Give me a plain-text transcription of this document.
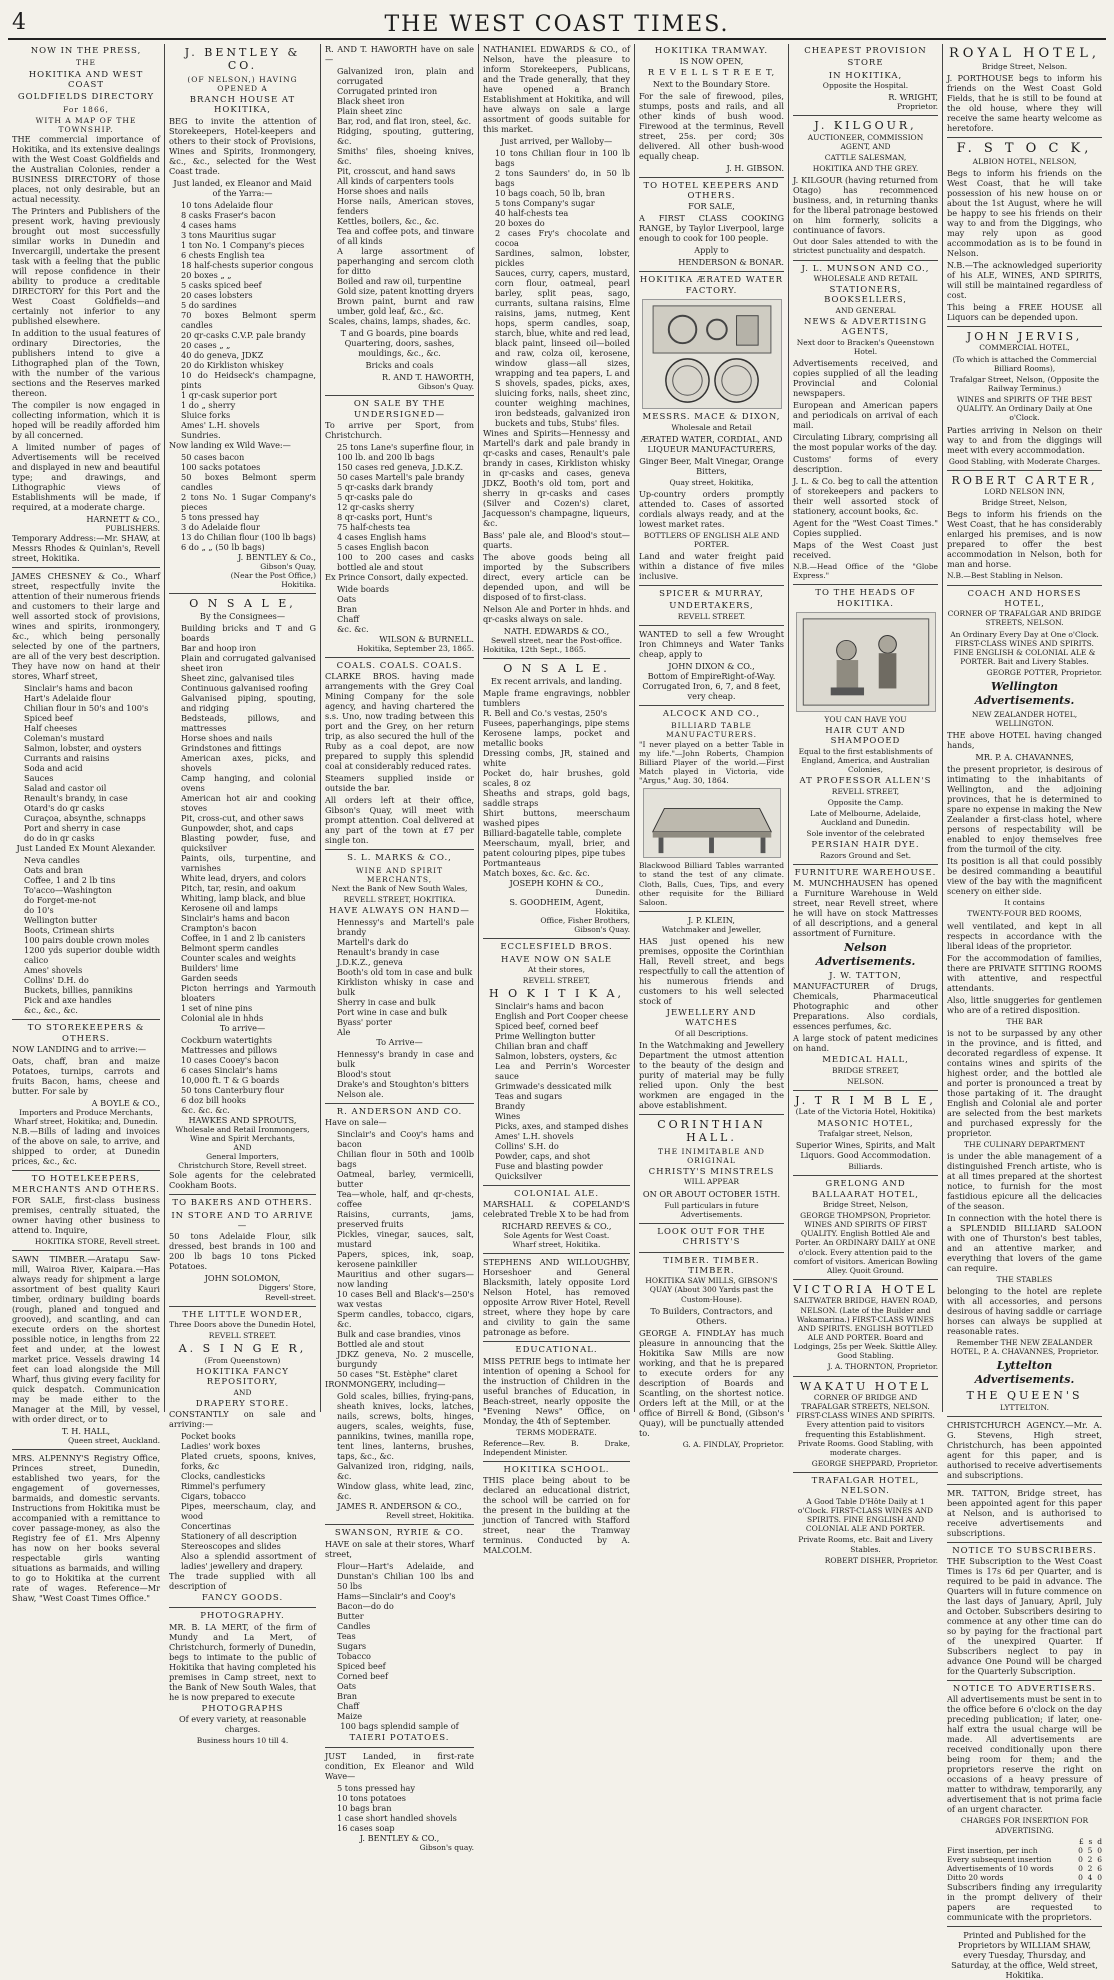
4	THE WEST COAST TIMES.
NOW IN THE PRESS,
THE
HOKITIKA AND WEST COAST
GOLDFIELDS DIRECTORY
For 1866,
WITH A MAP OF THE TOWNSHIP.

THE commercial importance of Hokitika, and its extensive dealings with the West Coast Goldfields and the Australian Colonies, render a BUSINESS DIRECTORY of those places, not only desirable, but an actual necessity.

The Printers and Publishers of the present work, having previously brought out most successfully similar works in Dunedin and Invercargill, undertake the present task with a feeling that the public will repose confidence in their ability to produce a creditable DIRECTORY for this Port and the West Coast Goldfields—and certainly not inferior to any published elsewhere.

In addition to the usual features of ordinary Directories, the publishers intend to give a Lithographed plan of the Town, with the number of the various sections and the Reserves marked thereon.

The compiler is now engaged in collecting information, which it is hoped will be readily afforded him by all concerned.

A limited number of pages of Advertisements will be received and displayed in new and beautiful type; and drawings, and Lithographic views of Establishments will be made, if required, at a moderate charge.

HARNETT & CO.,
PUBLISHERS.

Temporary Address:—Mr. SHAW, at Messrs Rhodes & Quinlan's, Revell street, Hokitika.

JAMES CHESNEY & Co., Wharf street, respectfully invite the attention of their numerous friends and customers to their large and well assorted stock of provisions, wines and spirits, ironmongery, &c., which being personally selected by one of the partners, are all of the very best description. They have now on hand at their stores, Wharf street,

Sinclair's hams and bacon
Hart's Adelaide flour
Chilian flour in 50's and 100's
Spiced beef
Half cheeses
Coleman's mustard
Salmon, lobster, and oysters
Currants and raisins
Soda and acid
Sauces
Salad and castor oil
Renault's brandy, in case
Otard's do qr casks
Curaçoa, absynthe, schnapps
Port and sherry in case
do do in qr casks

Just Landed Ex Mount Alexander.

Neva candles
Oats and bran
Coffee, 1 and 2 lb tins
To'acco—Washington
do Forget-me-not
do 10's
Wellington butter
Boots, Crimean shirts
100 pairs double crown moles
1200 yds superior double width calico
Ames' shovels
Collins' D.H. do
Buckets, billies, pannikins
Pick and axe handles
&c., &c., &c.
TO STOREKEEPERS & OTHERS.

NOW LANDING and to arrive:—

Oats, chaff, bran and maize Potatoes, turnips, carrots and fruits Bacon, hams, cheese and butter. For sale by

A BOYLE & CO.,
Importers and Produce Merchants, Wharf street, Hokitika; and, Dunedin.

N.B.—Bills of lading and invoices of the above on sale, to arrive, and shipped to order, at Dunedin prices, &c., &c.

TO HOTELKEEPERS, MERCHANTS AND OTHERS.

FOR SALE, first-class business premises, centrally situated, the owner having other business to attend to. Inquire,

HOKITIKA STORE, Revell street.

SAWN TIMBER.—Aratapu Saw-mill, Wairoa River, Kaipara.—Has always ready for shipment a large assortment of best quality Kauri timber, ordinary building boards (rough, planed and tongued and grooved), and scantling, and can execute orders on the shortest possible notice, in lengths from 22 feet and under, at the lowest market price. Vessels drawing 14 feet can load alongside the Mill Wharf, thus giving every facility for quick despatch. Communication may be made either to the Manager at the Mill, by vessel, with order direct, or to

T. H. HALL,
Queen street, Auckland.

MRS. ALPENNY'S Registry Office, Princes street, Dunedin, established two years, for the engagement of governesses, barmaids, and domestic servants. Instructions from Hokitika must be accompanied with a remittance to cover passage-money, as also the Registry fee of £1. Mrs Alpenny has now on her books several respectable girls wanting situations as barmaids, and willing to go to Hokitika at the current rate of wages. Reference—Mr Shaw, "West Coast Times Office."

J. BENTLEY & CO.
(OF NELSON,) HAVING OPENED A
BRANCH HOUSE AT HOKITIKA,

BEG to invite the attention of Storekeepers, Hotel-keepers and others to their stock of Provisions, Wines and Spirits, Ironmongery, &c., &c., selected for the West Coast trade.

Just landed, ex Eleanor and Maid of the Yarra:—

10 tons Adelaide flour
8 casks Fraser's bacon
4 cases hams
3 tons Mauritius sugar
1 ton No. 1 Company's pieces
6 chests English tea
18 half-chests superior congous
20 boxes „ „
5 casks spiced beef
20 cases lobsters
5 do sardines
70 boxes Belmont sperm candles
20 qr-casks C.V.P. pale brandy
20 cases „ „
40 do geneva, JDKZ
20 do Kirkliston whiskey
10 do Heidseck's champagne, pints
1 qr-cask superior port
1 do „ sherry
Sluice forks
Ames' L.H. shovels
Sundries.

Now landing ex Wild Wave:—

50 cases bacon
100 sacks potatoes
50 boxes Belmont sperm candles
2 tons No. 1 Sugar Company's pieces
5 tons pressed hay
3 do Adelaide flour
13 do Chilian flour (100 lb bags)
6 do „ „ (50 lb bags)
J. BENTLEY & Co.,
Gibson's Quay,
(Near the Post Office,)
Hokitika.
O N S A L E,

By the Consignees—

Building bricks and T and G boards
Bar and hoop iron
Plain and corrugated galvanised sheet iron
Sheet zinc, galvanised tiles
Continuous galvanised roofing
Galvanised piping, spouting, and ridging
Bedsteads, pillows, and mattresses
Horse shoes and nails
Grindstones and fittings
American axes, picks, and shovels
Camp hanging, and colonial ovens
American hot air and cooking stoves
Pit, cross-cut, and other saws
Gunpowder, shot, and caps
Blasting powder, fuse, and quicksilver
Paints, oils, turpentine, and varnishes
White lead, dryers, and colors
Pitch, tar, resin, and oakum
Whiting, lamp black, and blue
Kerosene oil and lamps
Sinclair's hams and bacon
Crampton's bacon
Coffee, in 1 and 2 lb canisters
Belmont sperm candles
Counter scales and weights
Builders' lime
Garden seeds
Picton herrings and Yarmouth bloaters
1 set of nine pins
Colonial ale in hhds

To arrive—

Cockburn watertights
Mattresses and pillows
10 cases Cooey's bacon
6 cases Sinclair's hams
10,000 ft. T & G boards
50 tons Canterbury flour
6 doz bill hooks
&c. &c. &c.
HAWKES AND SPROUTS,
Wholesale and Retail Ironmongers, Wine and Spirit Merchants,
AND
General Importers,
Christchurch Store, Revell street.

Sole agents for the celebrated Cookham Boots.

TO BAKERS AND OTHERS.
IN STORE AND TO ARRIVE—

50 tons Adelaide Flour, silk dressed, best brands in 100 and 200 lb bags 10 tons Picked Potatoes.

JOHN SOLOMON,
Diggers' Store,
Revell-street.
THE LITTLE WONDER,

Three Doors above the Dunedin Hotel,

REVELL STREET.

A. S I N G E R,

(From Queenstown)

HOKITIKA FANCY REPOSITORY,

AND

DRAPERY STORE.

CONSTANTLY on sale and arriving:—

Pocket books
Ladies' work boxes
Plated cruets, spoons, knives, forks, &c
Clocks, candlesticks
Rimmel's perfumery
Cigars, tobacco
Pipes, meerschaum, clay, and wood
Concertinas
Stationery of all description
Stereoscopes and slides
Also a splendid assortment of ladies' jewellery and drapery.

The trade supplied with all description of

FANCY GOODS.
PHOTOGRAPHY.

MR. B. LA MERT, of the firm of Mundy and La Mert, of Christchurch, formerly of Dunedin, begs to intimate to the public of Hokitika that having completed his premises in Camp street, next to the Bank of New South Wales, that he is now prepared to execute

PHOTOGRAPHS

Of every variety, at reasonable charges.

Business hours 10 till 4.

R. AND T. HAWORTH have on sale—

Galvanized iron, plain and corrugated
Corrugated printed iron
Black sheet iron
Plain sheet zinc
Bar, rod, and flat iron, steel, &c.
Ridging, spouting, guttering, &c.
Smiths' files, shoeing knives, &c.
Pit, crosscut, and hand saws
All kinds of carpenters tools
Horse shoes and nails
Horse nails, American stoves, fenders
Kettles, boilers, &c., &c.
Tea and coffee pots, and tinware of all kinds
A large assortment of paperhanging and sercom cloth for ditto
Boiled and raw oil, turpentine
Gold size, patent knotting dryers
Brown paint, burnt and raw umber, gold leaf, &c., &c.

Scales, chains, lamps, shades, &c.

T and G boards, pine boards Quartering, doors, sashes, mouldings, &c., &c.

Bricks and coals

R. AND T. HAWORTH,
Gibson's Quay.
ON SALE BY THE UNDERSIGNED—

To arrive per Sport, from Christchurch.

25 tons Lane's superfine flour, in 100 lb. and 200 lb bags
150 cases red geneva, J.D.K.Z.
50 cases Martell's pale brandy
5 qr-casks dark brandy
5 qr-casks pale do
12 qr-casks sherry
8 qr-casks port, Hunt's
75 half-chests tea
4 cases English hams
5 cases English bacon
100 to 200 cases and casks bottled ale and stout

Ex Prince Consort, daily expected.

Wide boards
Oats
Bran
Chaff
&c. &c.
WILSON & BURNELL.
Hokitika, September 23, 1865.
COALS. COALS. COALS.

CLARKE BROS. having made arrangements with the Grey Coal Mining Company for the sole agency, and having chartered the s.s. Uno, now trading between this port and the Grey, on her return trip, as also secured the hull of the Ruby as a coal depot, are now prepared to supply this splendid coal at considerably reduced rates.

Steamers supplied inside or outside the bar.

All orders left at their office, Gibson's Quay, will meet with prompt attention. Coal delivered at any part of the town at £7 per single ton.

S. L. MARKS & CO.,
WINE AND SPIRIT MERCHANTS,

Next the Bank of New South Wales,

REVELL STREET, HOKITIKA.

HAVE ALWAYS ON HAND—
Hennessy's and Martell's pale brandy
Martell's dark do
Renault's brandy in case
J.D.K.Z., geneva
Booth's old tom in case and bulk
Kirkliston whisky in case and bulk
Sherry in case and bulk
Port wine in case and bulk
Byass' porter
Ale

To Arrive—

Hennessy's brandy in case and bulk
Blood's stout
Drake's and Stoughton's bitters
Nelson ale.
R. ANDERSON AND CO.

Have on sale—

Sinclair's and Cooy's hams and bacon
Chilian flour in 50th and 100lb bags
Oatmeal, barley, vermicelli, butter
Tea—whole, half, and qr-chests, coffee
Raisins, currants, jams, preserved fruits
Pickles, vinegar, sauces, salt, mustard
Papers, spices, ink, soap, kerosene painkiller
Mauritius and other sugars—now landing
10 cases Bell and Black's—250's wax vestas
Sperm candles, tobacco, cigars, &c.
Bulk and case brandies, vinos
Bottled ale and stout
JDKZ geneva, No. 2 muscelle, burgundy
50 cases "St. Estèphe" claret

IRONMONGERY, including—

Gold scales, billies, frying-pans, sheath knives, locks, latches, nails, screws, bolts, hinges, augers, scales, weights, fuse, pannikins, twines, manilla rope, tent lines, lanterns, brushes, taps, &c., &c.
Galvanized iron, ridging, nails, &c.
Window glass, white lead, zinc, &c.
JAMES R. ANDERSON & CO.,
Revell street, Hokitika.
SWANSON, RYRIE & CO.

HAVE on sale at their stores, Wharf street,

Flour—Hart's Adelaide, and Dunstan's Chilian 100 lbs and 50 lbs
Hams—Sinclair's and Cooy's
Bacon—do do
Butter
Candles
Teas
Sugars
Tobacco
Spiced beef
Corned beef
Oats
Bran
Chaff
Maize

100 bags splendid sample of

TAIERI POTATOES.

JUST Landed, in first-rate condition, Ex Eleanor and Wild Wave—

5 tons pressed hay
10 tons potatoes
10 bags bran
1 case short handled shovels
16 cases soap
J. BENTLEY & CO.,
Gibson's quay.

NATHANIEL EDWARDS & CO., of Nelson, have the pleasure to inform Storekeepers, Publicans, and the Trade generally, that they have opened a Branch Establishment at Hokitika, and will have always on sale a large assortment of goods suitable for this market.

Just arrived, per Walloby—

10 tons Chilian flour in 100 lb bags
2 tons Saunders' do, in 50 lb bags
10 bags coach, 50 lb, bran
5 tons Company's sugar
40 half-chests tea
20 boxes do
2 cases Fry's chocolate and cocoa
Sardines, salmon, lobster, pickles
Sauces, curry, capers, mustard, corn flour, oatmeal, pearl barley, split peas, sago, currants, sultana raisins, Elme raisins, jams, nutmeg, Kent hops, sperm candles, soap, starch, blue, white and red lead, black paint, linseed oil—boiled and raw, colza oil, kerosene, window glass—all sizes, wrapping and tea papers, L and S shovels, spades, picks, axes, sluicing forks, nails, sheet zinc, counter weighing machines, iron bedsteads, galvanized iron buckets and tubs, Stubs' files.

Wines and Spirits—Hennessy and Martell's dark and pale brandy in qr-casks and cases, Renault's pale brandy in cases, Kirkliston whisky in qr-casks and cases, geneva JDKZ, Booth's old tom, port and sherry in qr-casks and cases (Silver and Cozen's) claret, Jacquesson's champagne, liqueurs, &c.

Bass' pale ale, and Blood's stout—quarts.

The above goods being all imported by the Subscribers direct, every article can be depended upon, and will be disposed of to first-class.

Nelson Ale and Porter in hhds. and qr-casks always on sale.

NATH. EDWARDS & CO.,
Sewell street, near the Post-office.
Hokitika, 12th Sept., 1865.
O N S A L E.

Ex recent arrivals, and landing.

Maple frame engravings, nobbler tumblers
R. Bell and Co.'s vestas, 250's
Fusees, paperhangings, pipe stems
Kerosene lamps, pocket and metallic books
Dressing combs, JR, stained and white
Pocket do, hair brushes, gold scales, 8 oz
Sheaths and straps, gold bags, saddle straps
Shirt buttons, meerschaum washed pipes
Billiard-bagatelle table, complete
Meerschaum, myall, brier, and patent colouring pipes, pipe tubes
Portmanteaus
Match boxes, &c. &c. &c.
JOSEPH KOHN & CO.,
Dunedin.
S. GOODHEIM, Agent,
Hokitika,
Office, Fisher Brothers,
Gibson's Quay.
ECCLESFIELD BROS.
HAVE NOW ON SALE

At their stores,

REVELL STREET,

H O K I T I K A,
Sinclair's hams and bacon
English and Port Cooper cheese
Spiced beef, corned beef
Prime Wellington butter
Chilian bran and chaff
Salmon, lobsters, oysters, &c
Lea and Perrin's Worcester sauce
Grimwade's dessicated milk
Teas and sugars
Brandy
Wines
Picks, axes, and stamped dishes
Ames' L.H. shovels
Collins' S.H. do
Powder, caps, and shot
Fuse and blasting powder
Quicksilver
COLONIAL ALE.

MARSHALL & COPELAND'S celebrated Treble X to be had from

RICHARD REEVES & CO.,
Sole Agents for West Coast.
Wharf street, Hokitika.

STEPHENS AND WILLOUGHBY, Horseshoer and General Blacksmith, lately opposite Lord Nelson Hotel, has removed opposite Arrow River Hotel, Revell street, where they hope by care and civility to gain the same patronage as before.

EDUCATIONAL.

MISS PETRIE begs to intimate her intention of opening a School for the instruction of Children in the useful branches of Education, in Beach-street, nearly opposite the "Evening News" Office, on Monday, the 4th of September.

TERMS MODERATE.

Reference—Rev. B. Drake, Independent Minister.

HOKITIKA SCHOOL.

THIS place being about to be declared an educational district, the school will be carried on for the present in the building at the junction of Tancred with Stafford street, near the Tramway terminus. Conducted by A. MALCOLM.

HOKITIKA TRAMWAY.

IS NOW OPEN,

R E V E L L S T R E E T,

Next to the Boundary Store.

For the sale of firewood, piles, stumps, posts and rails, and all other kinds of bush wood. Firewood at the terminus, Revell street, 25s. per cord; 30s delivered. All other bush-wood equally cheap.

J. H. GIBSON.
TO HOTEL KEEPERS AND OTHERS.

FOR SALE,

A FIRST CLASS COOKING RANGE, by Taylor Liverpool, large enough to cook for 100 people.

Apply to

HENDERSON & BONAR.
HOKITIKA ÆRATED WATER FACTORY.
MESSRS. MACE & DIXON,

Wholesale and Retail

ÆRATED WATER, CORDIAL, AND LIQUEUR MANUFACTURERS,

Ginger Beer, Malt Vinegar, Orange Bitters,

Quay street, Hokitika,

Up-country orders promptly attended to. Cases of assorted cordials always ready, and at the lowest market rates.

BOTTLERS OF ENGLISH ALE AND PORTER.

Land and water freight paid within a distance of five miles inclusive.

SPICER & MURRAY,
UNDERTAKERS,

REVELL STREET.

WANTED to sell a few Wrought Iron Chimneys and Water Tanks cheap, apply to

JOHN DIXON & CO.,

Bottom of EmpireRight-of-Way. Corrugated Iron, 6, 7, and 8 feet, very cheap.

ALCOCK AND CO.,
BILLIARD TABLE MANUFACTURERS.

"I never played on a better Table in my life."—John Roberts, Champion Billiard Player of the world.—First Match played in Victoria, vide "Argus," Aug. 30, 1864.

Blackwood Billiard Tables warranted to stand the test of any climate. Cloth, Balls, Cues, Tips, and every other requisite for the Billiard Saloon.

J. P. KLEIN,

Watchmaker and Jeweller,

HAS just opened his new premises, opposite the Corinthian Hall, Revell street, and begs respectfully to call the attention of his numerous friends and customers to his well selected stock of

JEWELLERY AND WATCHES

Of all Descriptions.

In the Watchmaking and Jewellery Department the utmost attention to the beauty of the design and purity of material may be fully relied upon. Only the best workmen are engaged in the above establishment.

CORINTHIAN HALL.
THE INIMITABLE AND ORIGINAL
CHRISTY'S MINSTRELS

WILL APPEAR

ON OR ABOUT OCTOBER 15TH.

Full particulars in future Advertisements.

LOOK OUT FOR THE CHRISTY'S
TIMBER. TIMBER. TIMBER.

HOKITIKA SAW MILLS, GIBSON'S QUAY (About 300 Yards past the Custom-House).

To Builders, Contractors, and Others.

GEORGE A. FINDLAY has much pleasure in announcing that the Hokitika Saw Mills are now working, and that he is prepared to execute orders for any description of Boards and Scantling, on the shortest notice. Orders left at the Mill, or at the office of Birrell & Bond, (Gibson's Quay), will be punctually attended to.

G. A. FINDLAY, Proprietor.
CHEAPEST PROVISION
STORE
IN HOKITIKA,

Opposite the Hospital.

R. WRIGHT,
Proprietor.
J. KILGOUR,

AUCTIONEER, COMMISSION AGENT, AND

CATTLE SALESMAN,

HOKITIKA AND THE GREY.

J. KILGOUR (having returned from Otago) has recommenced business, and, in returning thanks for the liberal patronage bestowed on him formerly, solicits a continuance of favors.

Out door Sales attended to with the strictest punctuality and despatch.

J. L. MUNSON AND CO.,

WHOLESALE AND RETAIL

STATIONERS, BOOKSELLERS,

AND GENERAL

NEWS & ADVERTISING AGENTS,

Next door to Bracken's Queenstown Hotel.

Advertisements received, and copies supplied of all the leading Provincial and Colonial newspapers.

European and American papers and periodicals on arrival of each mail.

Circulating Library, comprising all the most popular works of the day.

Customs' forms of every description.

J. L. & Co. beg to call the attention of storekeepers and packers to their well assorted stock of stationery, account books, &c.

Agent for the "West Coast Times." Copies supplied.

Maps of the West Coast just received.

N.B.—Head Office of the "Globe Express."

TO THE HEADS OF HOKITIKA.

YOU CAN HAVE YOU

HAIR CUT AND SHAMPOOED

Equal to the first establishments of England, America, and Australian Colonies,

AT PROFESSOR ALLEN'S

REVELL STREET,

Opposite the Camp.

Late of Melbourne, Adelaide, Auckland and Dunedin.

Sole inventor of the celebrated

PERSIAN HAIR DYE.

Razors Ground and Set.

FURNITURE WAREHOUSE.

M. MUNCHHAUSEN has opened a Furniture Warehouse in Weld street, near Revell street, where he will have on stock Mattresses of all descriptions, and a general assortment of Furniture.

Nelson Advertisements.
J. W. TATTON,

MANUFACTURER of Drugs, Chemicals, Pharmaceutical Photographic and other Preparations. Also cordials, essences perfumes, &c.

A large stock of patent medicines on hand.

MEDICAL HALL,

BRIDGE STREET,

NELSON.

J. T R I M B L E,

(Late of the Victoria Hotel, Hokitika)

MASONIC HOTEL,

Trafalgar street, Nelson,

Superior Wines, Spirits, and Malt Liquors. Good Accommodation.

Billiards.

GRELONG AND BALLAARAT HOTEL,

Bridge Street, Nelson,

GEORGE THOMPSON, Proprietor. WINES AND SPIRITS OF FIRST QUALITY. English Bottled Ale and Porter. An ORDINARY DAILY at ONE o'clock. Every attention paid to the comfort of visitors. American Bowling Alley. Quoit Ground.

VICTORIA HOTEL

SALTWATER BRIDGE, HAVEN ROAD, NELSON. (Late of the Builder and Wakamarina.) FIRST-CLASS WINES AND SPIRITS. ENGLISH BOTTLED ALE AND PORTER. Board and Lodgings, 25s per Week. Skittle Alley. Good Stabling.

J. A. THORNTON, Proprietor.
WAKATU HOTEL

CORNER OF BRIDGE AND TRAFALGAR STREETS, NELSON. FIRST-CLASS WINES AND SPIRITS. Every attention paid to visitors frequenting this Establishment. Private Rooms. Good Stabling, with moderate charges.

GEORGE SHEPPARD, Proprietor.
TRAFALGAR HOTEL, NELSON.

A Good Table D'Hôte Daily at 1 o'Clock. FIRST-CLASS WINES AND SPIRITS. FINE ENGLISH AND COLONIAL ALE AND PORTER.

Private Rooms, etc. Bait and Livery Stables.

ROBERT DISHER, Proprietor.
ROYAL HOTEL,

Bridge Street, Nelson.

J. PORTHOUSE begs to inform his friends on the West Coast Gold Fields, that he is still to be found at the old house, where they will receive the same hearty welcome as heretofore.

F. S T O C K,

ALBION HOTEL, NELSON,

Begs to inform his friends on the West Coast, that he will take possession of his new house on or about the 1st August, where he will be happy to see his friends on their way to and from the Diggings, who may rely upon as good accommodation as is to be found in Nelson.

N.B.—The acknowledged superiority of his ALE, WINES, AND SPIRITS, will still be maintained regardless of cost.

This being a FREE HOUSE all Liquors can be depended upon.

JOHN JERVIS,

COMMERCIAL HOTEL,

(To which is attached the Commercial Billiard Rooms),

Trafalgar Street, Nelson, (Opposite the Railway Terminus.)

WINES and SPIRITS OF THE BEST QUALITY. An Ordinary Daily at One o'Clock.

Parties arriving in Nelson on their way to and from the diggings will meet with every accommodation.

Good Stabling, with Moderate Charges.

ROBERT CARTER,

LORD NELSON INN,

Bridge Street, Nelson,

Begs to inform his friends on the West Coast, that he has considerably enlarged his premises, and is now prepared to offer the best accommodation in Nelson, both for man and horse.

N.B.—Best Stabling in Nelson.

COACH AND HORSES HOTEL,

CORNER OF TRAFALGAR AND BRIDGE STREETS, NELSON.

An Ordinary Every Day at One o'Clock. FIRST-CLASS WINES AND SPIRITS. FINE ENGLISH & COLONIAL ALE & PORTER. Bait and Livery Stables.

GEORGE POTTER, Proprietor.
Wellington Advertisements.

NEW ZEALANDER HOTEL, WELLINGTON.

THE above HOTEL having changed hands,

MR. P. A. CHAVANNES,

the present proprietor, is desirous of intimating to the inhabitants of Wellington, and the adjoining provinces, that he is determined to spare no expense in making the New Zealander a first-class hotel, where persons of respectability will be enabled to enjoy themselves free from the turmoil of the city.

Its position is all that could possibly be desired commanding a beautiful view of the bay with the magnificent scenery on either side.

It contains

TWENTY-FOUR BED ROOMS,

well ventilated, and kept in all respects in accordance with the liberal ideas of the proprietor.

For the accommodation of families, there are PRIVATE SITTING ROOMS with attentive, and respectful attendants.

Also, little snuggeries for gentlemen who are of a retired disposition.

THE BAR

is not to be surpassed by any other in the province, and is fitted, and decorated regardless of expense. It contains wines and spirits of the highest order, and the bottled ale and porter is pronounced a treat by those partaking of it. The draught English and Colonial ale and porter are selected from the best markets and purchased expressly for the proprietor.

THE CULINARY DEPARTMENT

is under the able management of a distinguished French artiste, who is at all times prepared at the shortest notice, to furnish for the most fastidious epicure all the delicacies of the season.

In connection with the hotel there is a SPLENDID BILLIARD SALOON with one of Thurston's best tables, and an attentive marker, and everything that lovers of the game can require.

THE STABLES

belonging to the hotel are replete with all accessories, and persons desirous of having saddle or carriage horses can always be supplied at reasonable rates.

Remember THE NEW ZEALANDER HOTEL, P. A. CHAVANNES, Proprietor.

Lyttelton Advertisements.
THE QUEEN'S

LYTTELTON.

CHRISTCHURCH AGENCY.—Mr. A. G. Stevens, High street, Christchurch, has been appointed agent for this paper, and is authorised to receive advertisements and subscriptions.

MR. TATTON, Bridge street, has been appointed agent for this paper at Nelson, and is authorised to receive advertisements and subscriptions.

NOTICE TO SUBSCRIBERS.

THE Subscription to the West Coast Times is 17s 6d per Quarter, and is required to be paid in advance. The Quarters will in future commence on the last days of January, April, July and October. Subscribers desiring to commence at any other time can do so by paying for the fractional part of the unexpired Quarter. If Subscribers neglect to pay in advance One Pound will be charged for the Quarterly Subscription.

NOTICE TO ADVERTISERS.

All advertisements must be sent in to the office before 6 o'clock on the day preceding publication; if later, one-half extra the usual charge will be made. All advertisements are received conditionally upon there being room for them; and the proprietors reserve the right on occasions of a heavy pressure of matter to withdraw, temporarily, any advertisement that is not prima facie of an urgent character.

CHARGES FOR INSERTION FOR ADVERTISING.

£ s d
First insertion, per inch	0 5 0
Every subsequent insertion	0 2 6
Advertisements of 10 words	0 2 6
Ditto 20 words	0 4 0

Subscribers finding any irregularity in the prompt delivery of their papers are requested to communicate with the proprietors.

Printed and Published for the Proprietors by WILLIAM SHAW, every Tuesday, Thursday, and Saturday, at the office, Weld street, Hokitika.
